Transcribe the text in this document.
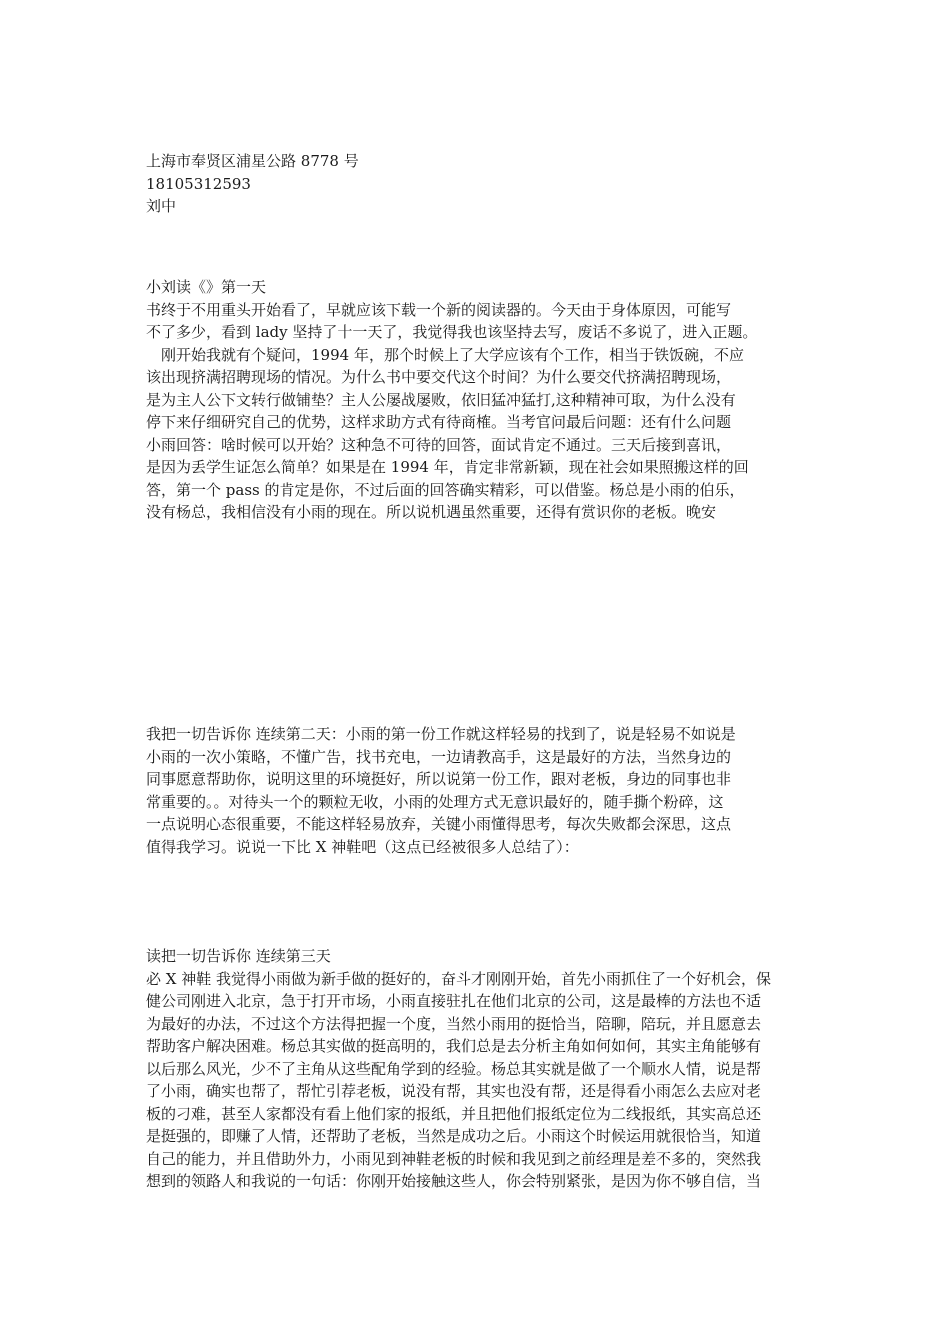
上海市奉贤区浦星公路 8778 号
18105312593
刘中
小刘读《》第一天
书终于不用重头开始看了，早就应该下载一个新的阅读器的。今天由于身体原因，可能写
不了多少，看到 lady 坚持了十一天了，我觉得我也该坚持去写，废话不多说了，进入正题。
　刚开始我就有个疑问，1994 年，那个时候上了大学应该有个工作，相当于铁饭碗，不应
该出现挤满招聘现场的情况。为什么书中要交代这个时间？为什么要交代挤满招聘现场，
是为主人公下文转行做铺垫？主人公屡战屡败，依旧猛冲猛打,这种精神可取，为什么没有
停下来仔细研究自己的优势，这样求助方式有待商榷。当考官问最后问题：还有什么问题
小雨回答：啥时候可以开始？这种急不可待的回答，面试肯定不通过。三天后接到喜讯，
是因为丢学生证怎么简单？如果是在 1994 年，肯定非常新颖，现在社会如果照搬这样的回
答，第一个 pass 的肯定是你，不过后面的回答确实精彩，可以借鉴。杨总是小雨的伯乐，
没有杨总，我相信没有小雨的现在。所以说机遇虽然重要，还得有赏识你的老板。晚安
我把一切告诉你 连续第二天：小雨的第一份工作就这样轻易的找到了，说是轻易不如说是
小雨的一次小策略，不懂广告，找书充电，一边请教高手，这是最好的方法，当然身边的
同事愿意帮助你，说明这里的环境挺好，所以说第一份工作，跟对老板，身边的同事也非
常重要的。。对待头一个的颗粒无收，小雨的处理方式无意识最好的，随手撕个粉碎，这
一点说明心态很重要，不能这样轻易放弃，关键小雨懂得思考，每次失败都会深思，这点
值得我学习。说说一下比 X 神鞋吧（这点已经被很多人总结了）：
读把一切告诉你 连续第三天
必 X 神鞋 我觉得小雨做为新手做的挺好的，奋斗才刚刚开始，首先小雨抓住了一个好机会，保
健公司刚进入北京，急于打开市场，小雨直接驻扎在他们北京的公司，这是最棒的方法也不适
为最好的办法，不过这个方法得把握一个度，当然小雨用的挺恰当，陪聊，陪玩，并且愿意去
帮助客户解决困难。杨总其实做的挺高明的，我们总是去分析主角如何如何，其实主角能够有
以后那么风光，少不了主角从这些配角学到的经验。杨总其实就是做了一个顺水人情，说是帮
了小雨，确实也帮了，帮忙引荐老板，说没有帮，其实也没有帮，还是得看小雨怎么去应对老
板的刁难，甚至人家都没有看上他们家的报纸，并且把他们报纸定位为二线报纸，其实高总还
是挺强的，即赚了人情，还帮助了老板，当然是成功之后。小雨这个时候运用就很恰当，知道
自己的能力，并且借助外力，小雨见到神鞋老板的时候和我见到之前经理是差不多的，突然我
想到的领路人和我说的一句话：你刚开始接触这些人，你会特别紧张，是因为你不够自信，当
